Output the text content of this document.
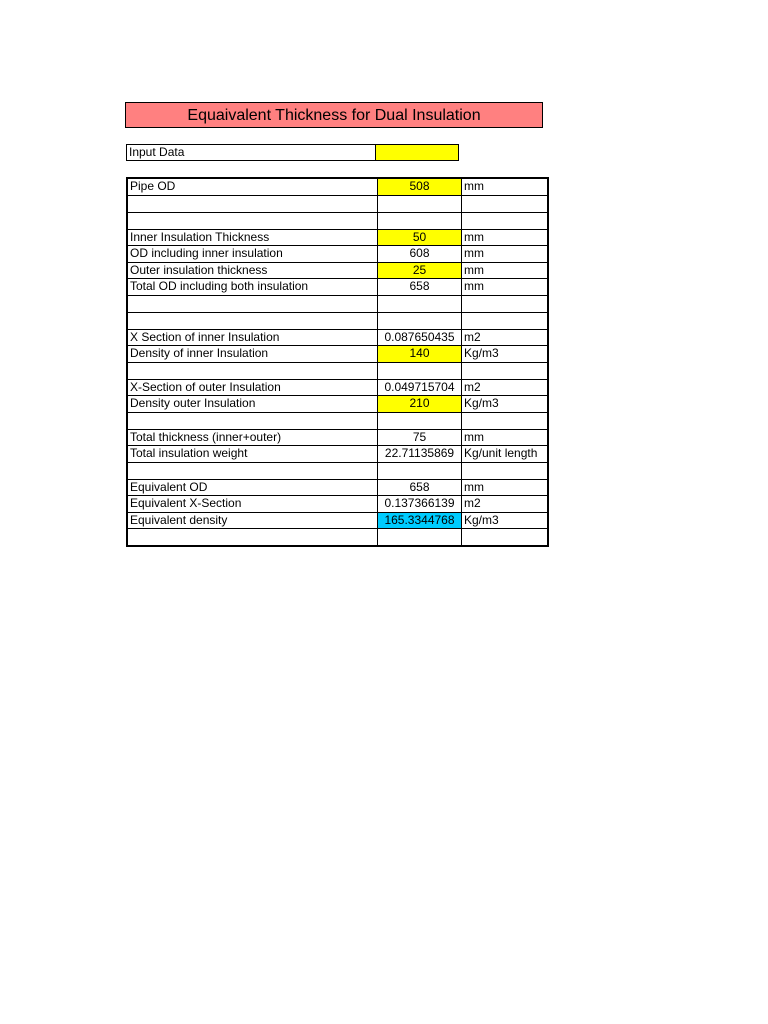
Equaivalent Thickness for Dual Insulation
Input Data
Pipe OD	508	mm

Inner Insulation Thickness	50	mm
OD including inner insulation	608	mm
Outer insulation thickness	25	mm
Total OD including both insulation	658	mm

X Section of inner Insulation	0.087650435	m2
Density of inner Insulation	140	Kg/m3

X-Section of outer Insulation	0.049715704	m2
Density outer Insulation	210	Kg/m3

Total thickness (inner+outer)	75	mm
Total insulation weight	22.71135869	Kg/unit length

Equivalent OD	658	mm
Equivalent X-Section	0.137366139	m2
Equivalent density	165.3344768	Kg/m3
